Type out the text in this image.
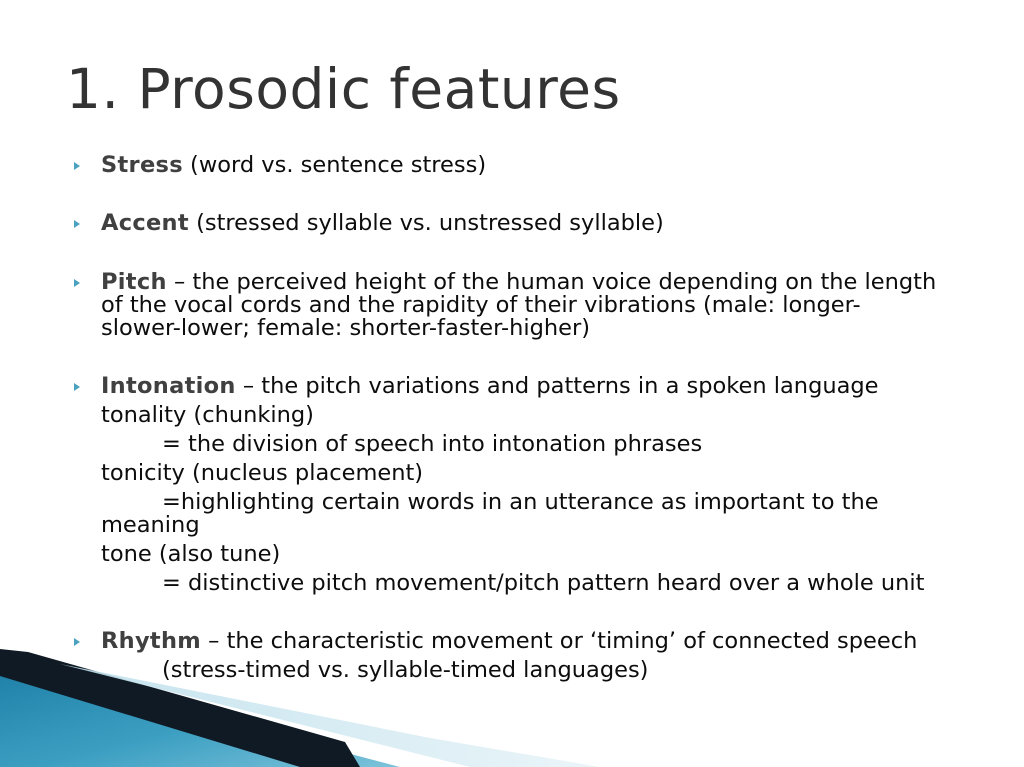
1. Prosodic features
Stress (word vs. sentence stress)
Accent (stressed syllable vs. unstressed syllable)
Pitch – the perceived height of the human voice depending on the length
of the vocal cords and the rapidity of their vibrations (male: longer-
slower-lower; female: shorter-faster-higher)
Intonation – the pitch variations and patterns in a spoken language
tonality (chunking)
= the division of speech into intonation phrases
tonicity (nucleus placement)
=highlighting certain words in an utterance as important to the
meaning
tone (also tune)
= distinctive pitch movement/pitch pattern heard over a whole unit
Rhythm – the characteristic movement or ‘timing’ of connected speech
(stress-timed vs. syllable-timed languages)
